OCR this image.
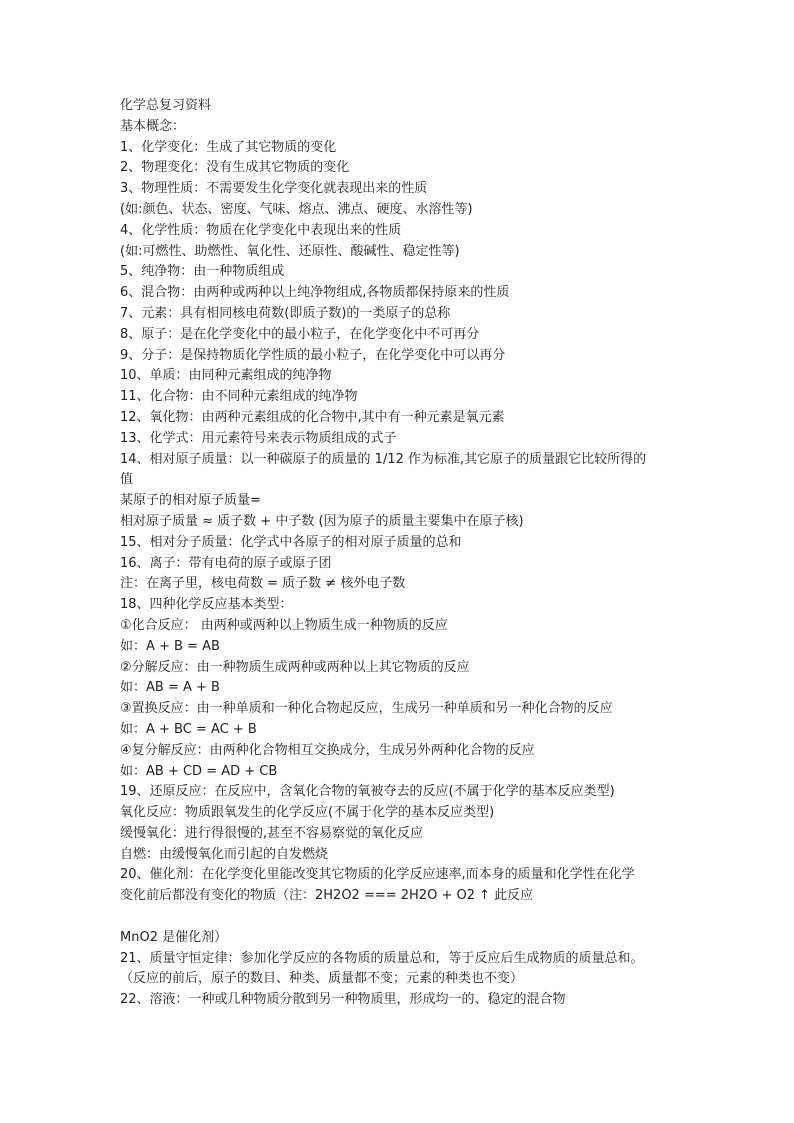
化学总复习资料
基本概念：
1、化学变化：生成了其它物质的变化
2、物理变化：没有生成其它物质的变化
3、物理性质：不需要发生化学变化就表现出来的性质
(如:颜色、状态、密度、气味、熔点、沸点、硬度、水溶性等)
4、化学性质：物质在化学变化中表现出来的性质
(如:可燃性、助燃性、氧化性、还原性、酸碱性、稳定性等)
5、纯净物：由一种物质组成
6、混合物：由两种或两种以上纯净物组成,各物质都保持原来的性质
7、元素：具有相同核电荷数(即质子数)的一类原子的总称
8、原子：是在化学变化中的最小粒子，在化学变化中不可再分
9、分子：是保持物质化学性质的最小粒子，在化学变化中可以再分
10、单质：由同种元素组成的纯净物
11、化合物：由不同种元素组成的纯净物
12、氧化物：由两种元素组成的化合物中,其中有一种元素是氧元素
13、化学式：用元素符号来表示物质组成的式子
14、相对原子质量：以一种碳原子的质量的 1/12 作为标准,其它原子的质量跟它比较所得的
值
某原子的相对原子质量=
相对原子质量 ≈ 质子数 + 中子数 (因为原子的质量主要集中在原子核)
15、相对分子质量：化学式中各原子的相对原子质量的总和
16、离子：带有电荷的原子或原子团
注：在离子里，核电荷数 = 质子数 ≠ 核外电子数
18、四种化学反应基本类型：
①化合反应： 由两种或两种以上物质生成一种物质的反应
如：A + B = AB
②分解反应：由一种物质生成两种或两种以上其它物质的反应
如：AB = A + B
③置换反应：由一种单质和一种化合物起反应，生成另一种单质和另一种化合物的反应
如：A + BC = AC + B
④复分解反应：由两种化合物相互交换成分，生成另外两种化合物的反应
如：AB + CD = AD + CB
19、还原反应：在反应中，含氧化合物的氧被夺去的反应(不属于化学的基本反应类型)
氧化反应：物质跟氧发生的化学反应(不属于化学的基本反应类型)
缓慢氧化：进行得很慢的,甚至不容易察觉的氧化反应
自燃：由缓慢氧化而引起的自发燃烧
20、催化剂：在化学变化里能改变其它物质的化学反应速率,而本身的质量和化学性在化学
变化前后都没有变化的物质（注：2H2O2 === 2H2O + O2 ↑ 此反应
MnO2 是催化剂）
21、质量守恒定律：参加化学反应的各物质的质量总和，等于反应后生成物质的质量总和。
（反应的前后，原子的数目、种类、质量都不变；元素的种类也不变）
22、溶液：一种或几种物质分散到另一种物质里，形成均一的、稳定的混合物
